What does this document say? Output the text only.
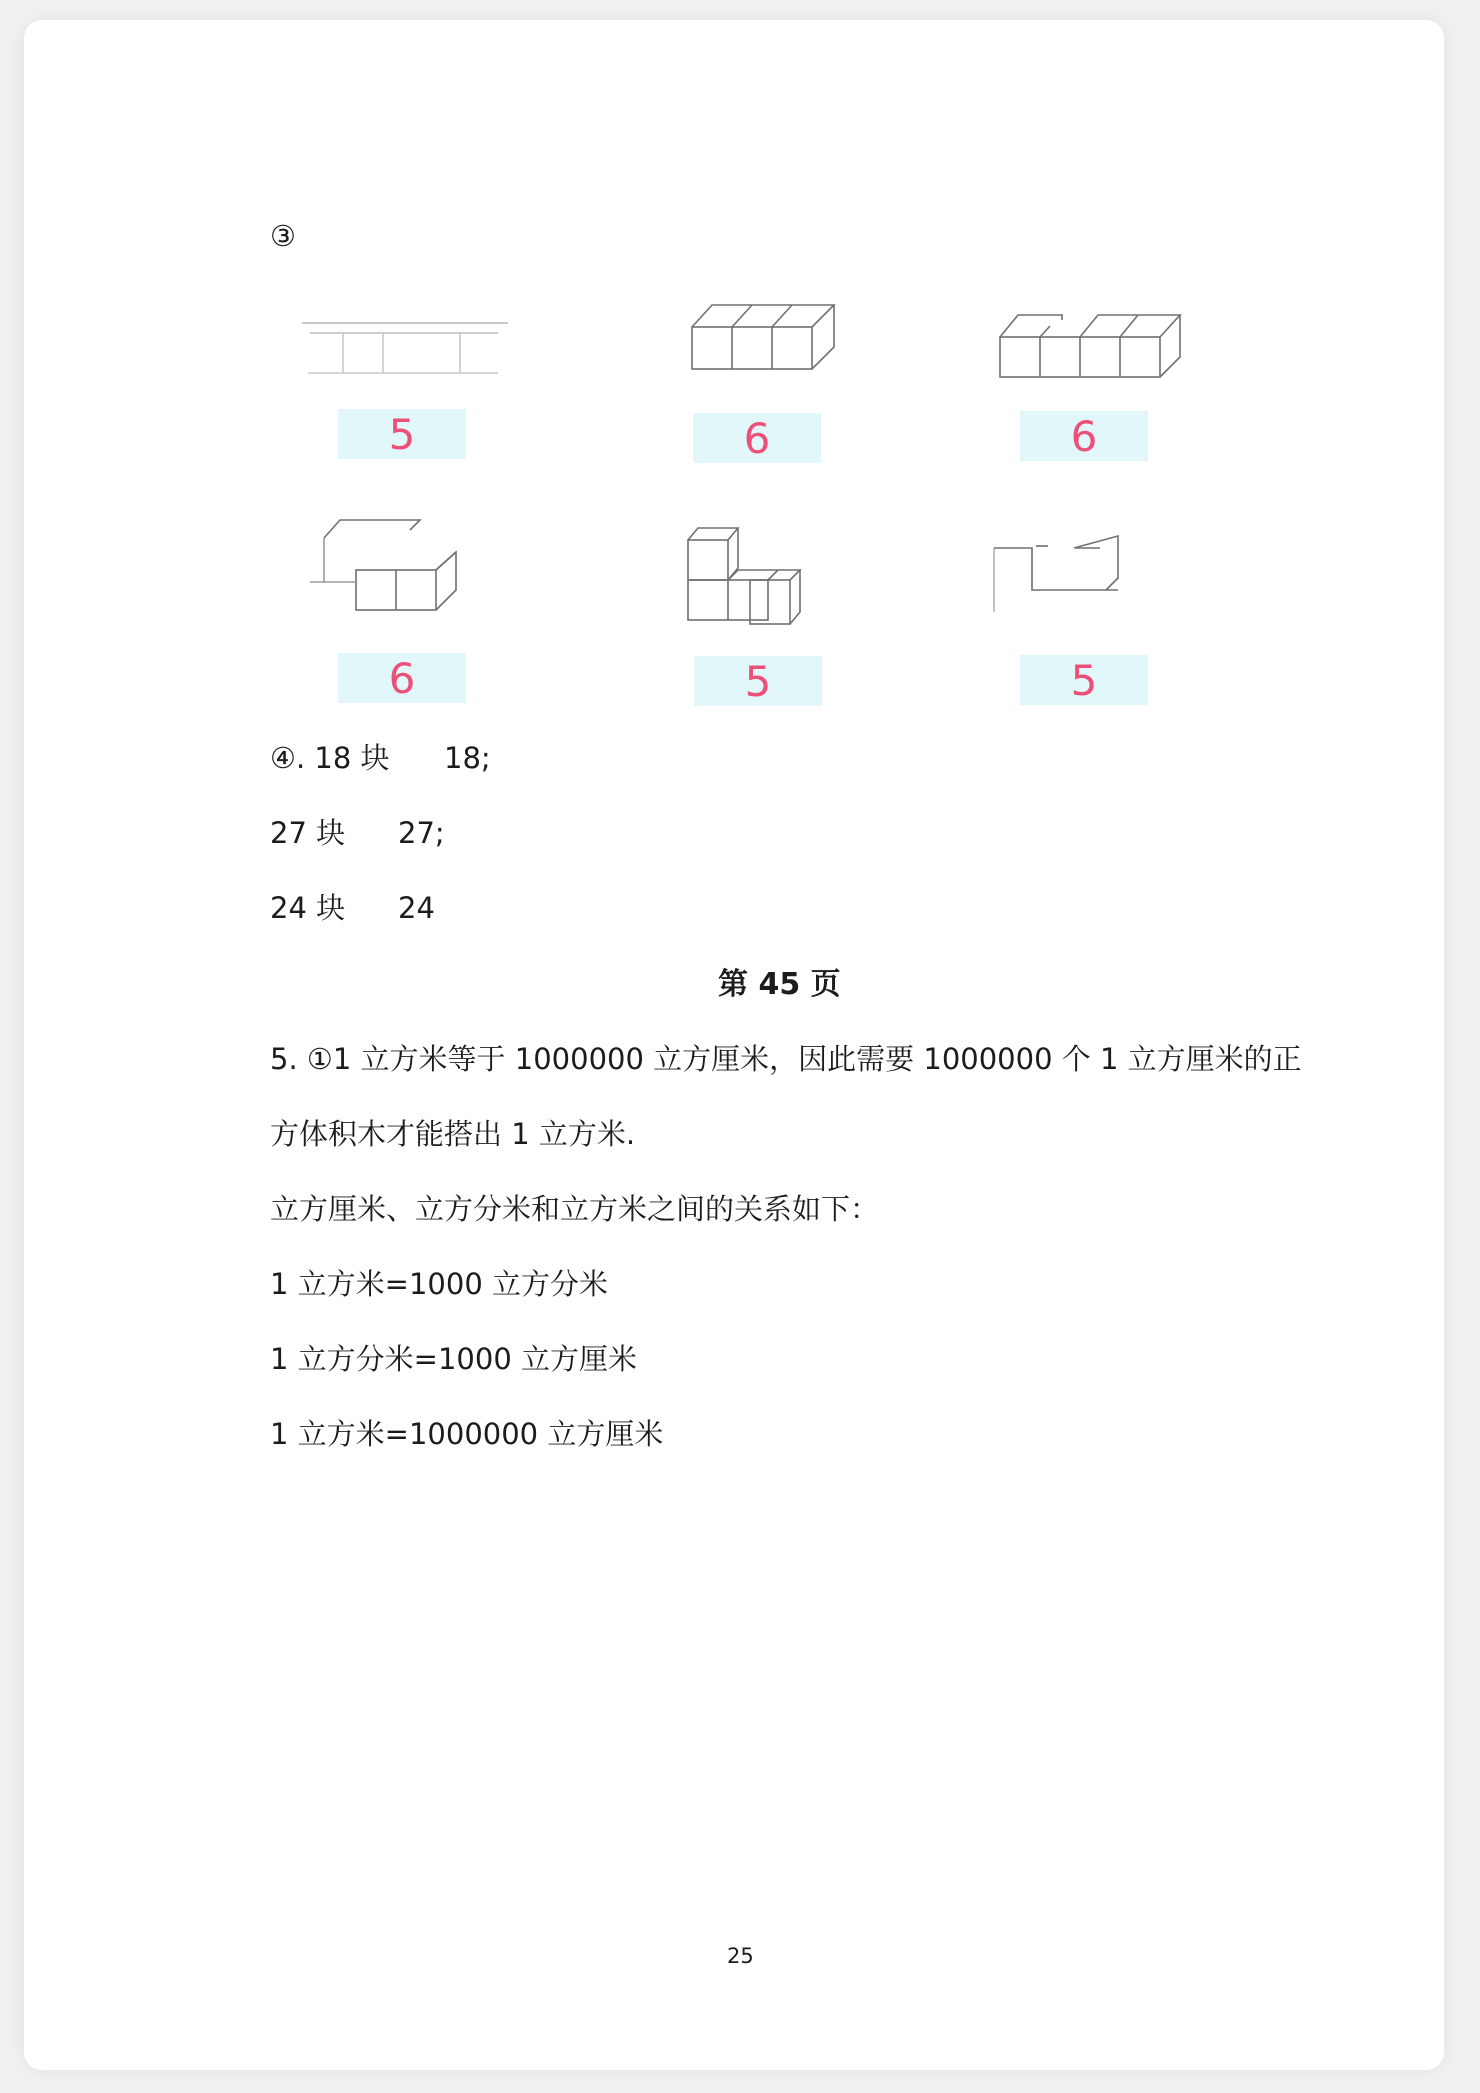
③
5	6	6
6	5	5
④. 18 块 18;
27 块 27;
24 块 24
第 45 页
5. ①1 立方米等于 1000000 立方厘米，因此需要 1000000 个 1 立方厘米的正
方体积木才能搭出 1 立方米.
立方厘米、立方分米和立方米之间的关系如下：
1 立方米=1000 立方分米
1 立方分米=1000 立方厘米
1 立方米=1000000 立方厘米
25
